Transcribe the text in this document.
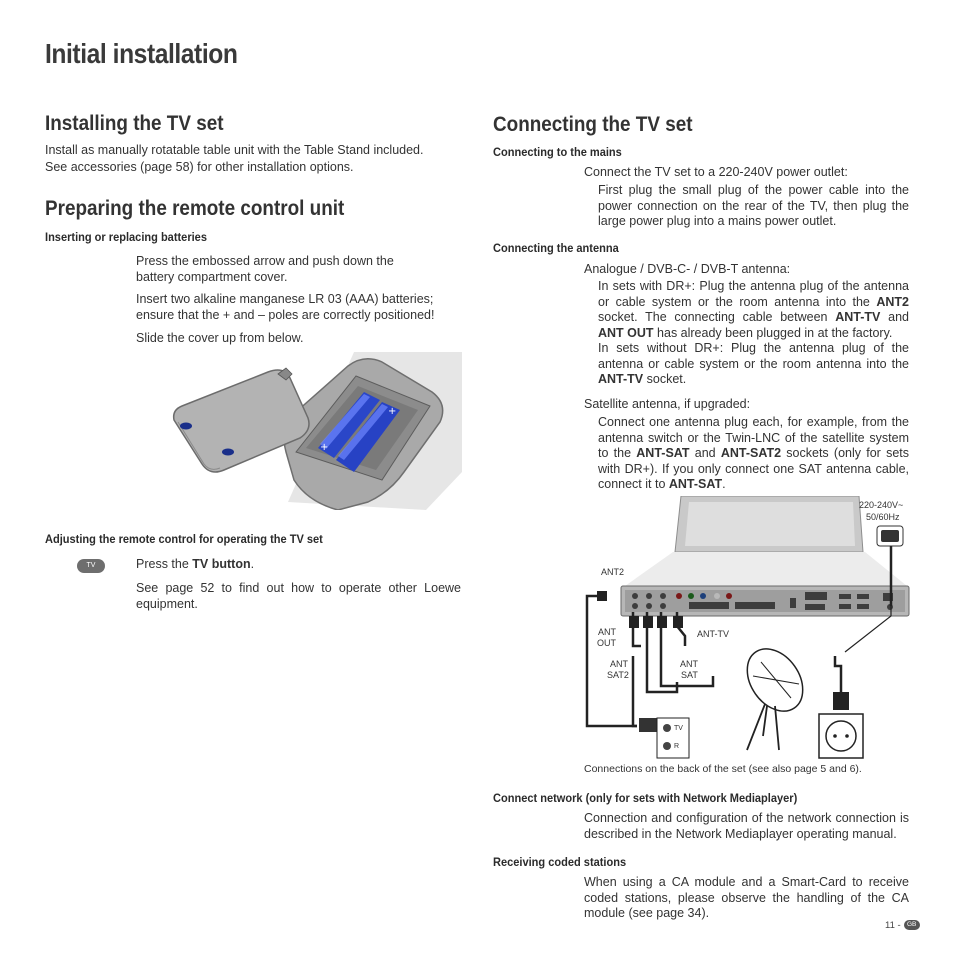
Initial installation
Installing the TV set

Install as manually rotatable table unit with the Table Stand included.

See accessories (page 58) for other installation options.

Preparing the remote control unit
Inserting or replacing batteries

Press the embossed arrow and push down the battery compartment cover.

Insert two alkaline manganese LR 03 (AAA) batteries; ensure that the + and – poles are correctly positioned!

Slide the cover up from below.

+
+
Adjusting the remote control for operating the TV set
TV	Press the TV button.

See page 52 to find out how to operate other Loewe equipment.

Connecting the TV set
Connecting to the mains

Connect the TV set to a 220-240V power outlet:

First plug the small plug of the power cable into the power connection on the rear of the TV, then plug the large power plug into a mains power outlet.

Connecting the antenna

Analogue / DVB-C- / DVB-T antenna:

In sets with DR+: Plug the antenna plug of the antenna or cable system or the room antenna into the ANT2 socket. The connecting cable between ANT-TV and ANT OUT has already been plugged in at the factory.

In sets without DR+: Plug the antenna plug of the antenna or cable system or the room antenna into the ANT-TV socket.

Satellite antenna, if upgraded:

Connect one antenna plug each, for example, from the antenna switch or the Twin-LNC of the satellite system to the ANT-SAT and ANT-SAT2 sockets (only for sets with DR+). If you only connect one SAT antenna cable, connect it to ANT-SAT.

220-240V~
50/60Hz
ANT2
ANT
OUT
ANT-TV
ANT
SAT2
ANT
SAT
TV
R

Connections on the back of the set (see also page 5 and 6).

Connect network (only for sets with Network Mediaplayer)

Connection and configuration of the network connection is described in the Network Mediaplayer operating manual.

Receiving coded stations

When using a CA module and a Smart-Card to receive coded stations, please observe the handling of the CA module (see page 34).

11 - GB
